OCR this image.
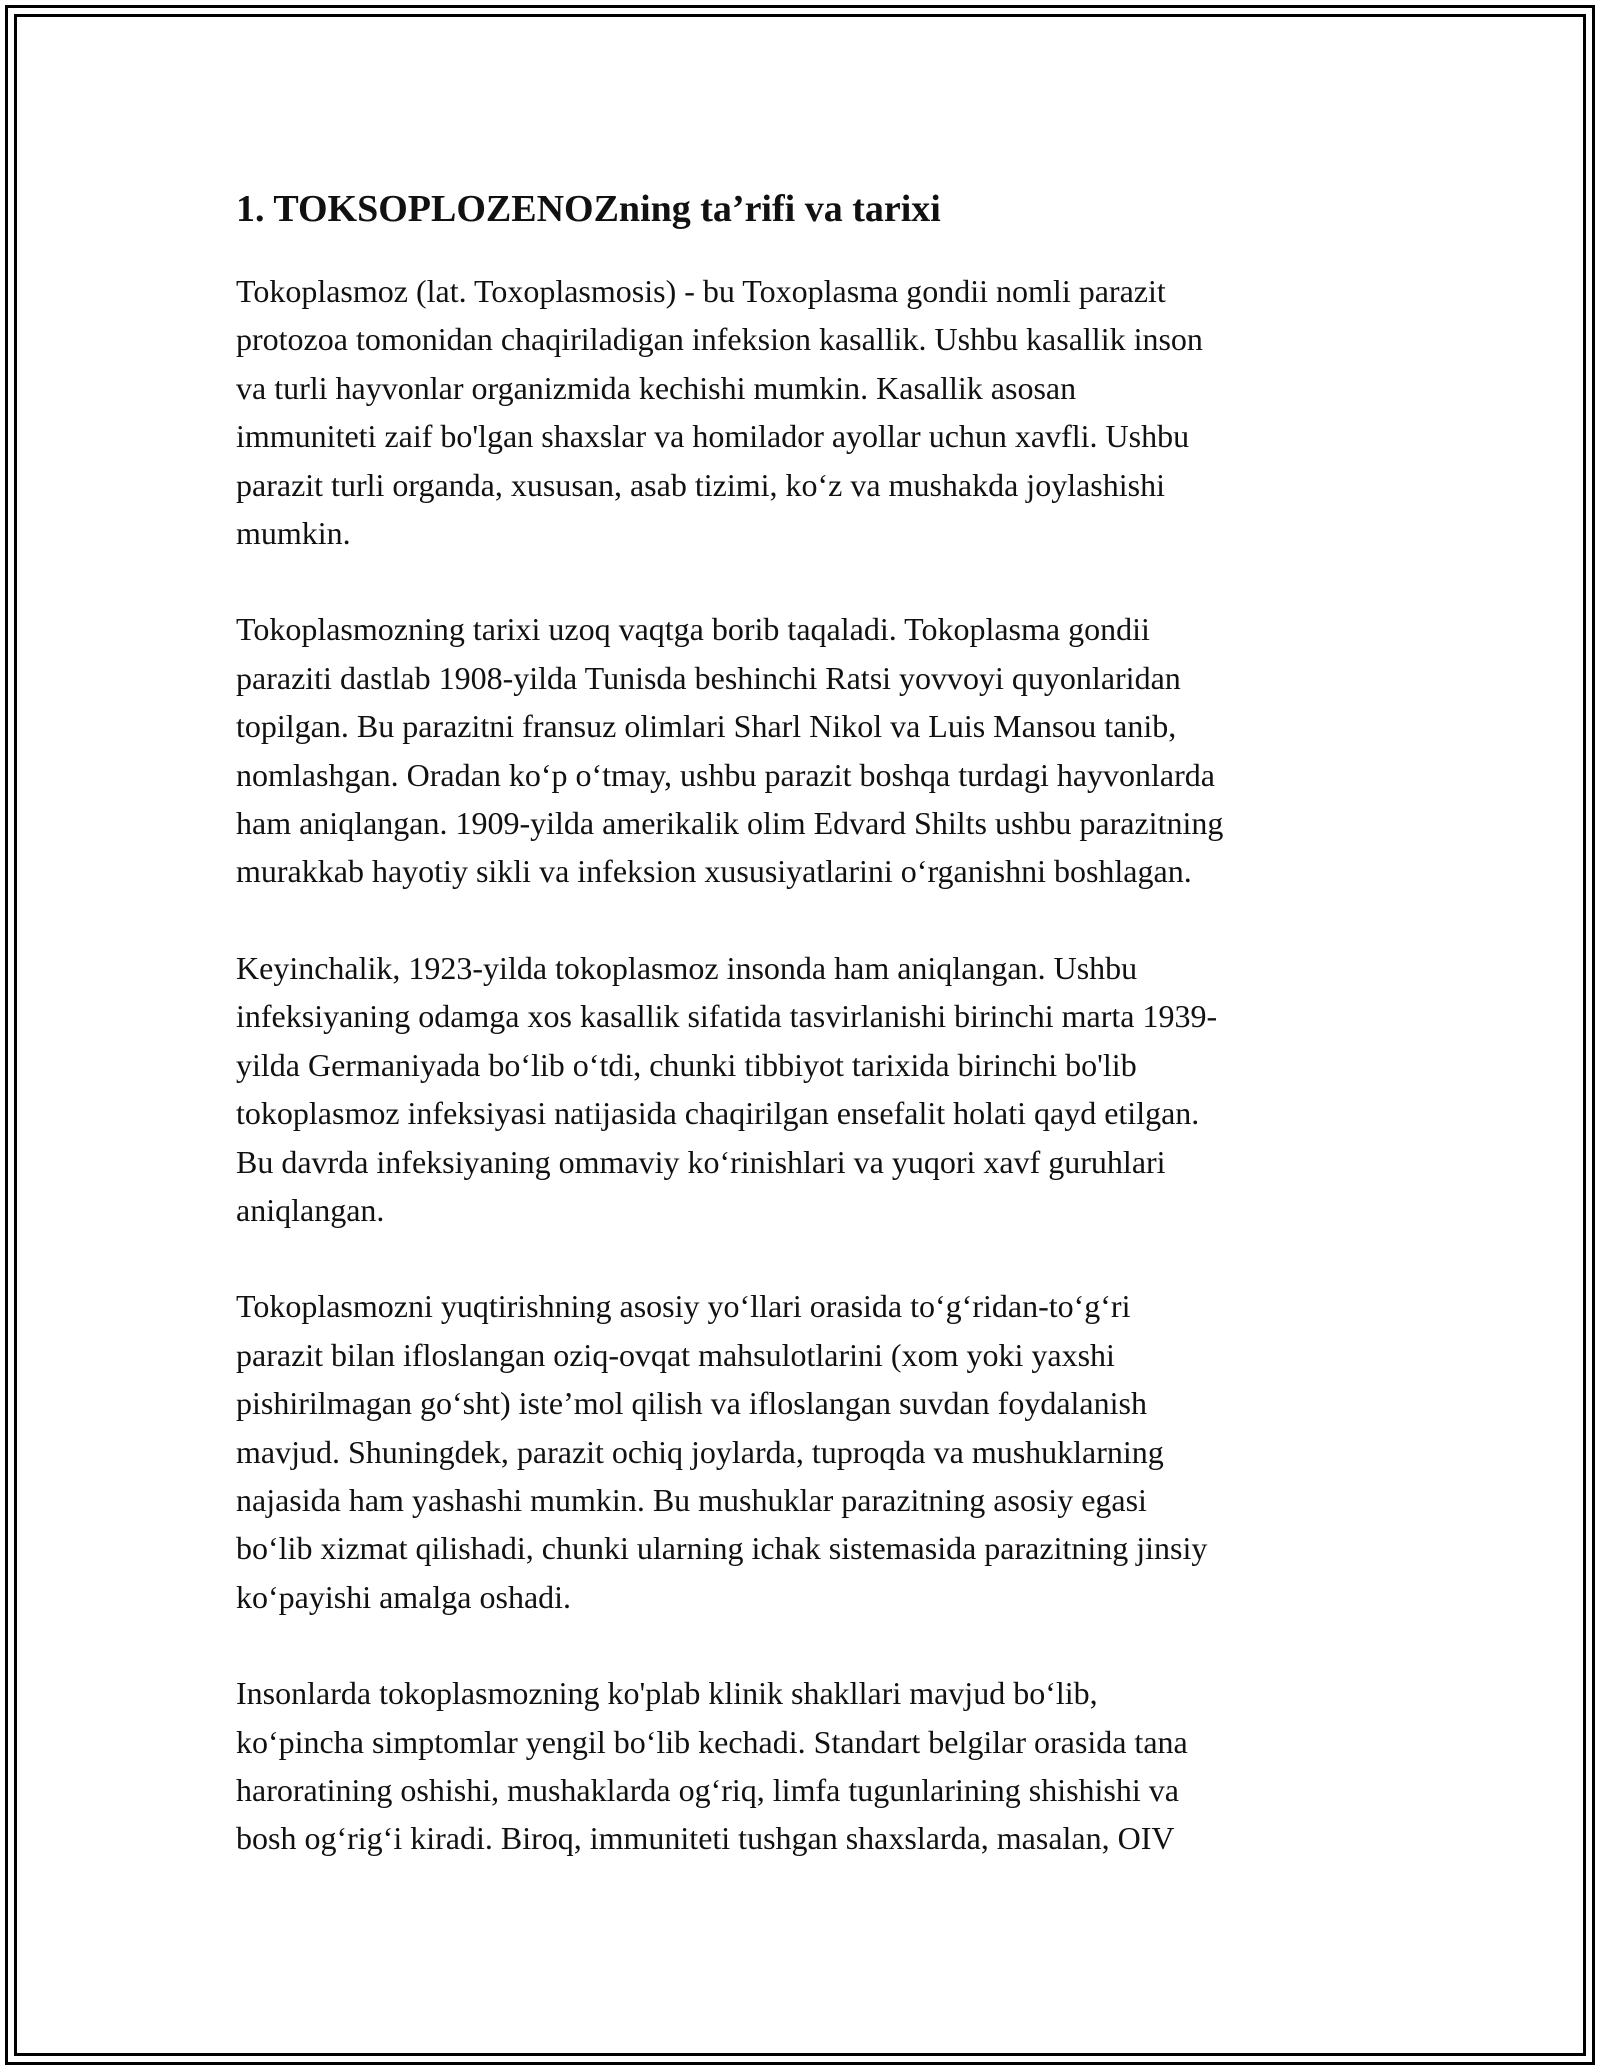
1. TOKSOPLOZENOZning ta’rifi va tarixi
Tokoplasmoz (lat. Toxoplasmosis) - bu Toxoplasma gondii nomli parazit
protozoa tomonidan chaqiriladigan infeksion kasallik. Ushbu kasallik inson
va turli hayvonlar organizmida kechishi mumkin. Kasallik asosan
immuniteti zaif bo'lgan shaxslar va homilador ayollar uchun xavfli. Ushbu
parazit turli organda, xususan, asab tizimi, ko‘z va mushakda joylashishi
mumkin.
Tokoplasmozning tarixi uzoq vaqtga borib taqaladi. Tokoplasma gondii
paraziti dastlab 1908-yilda Tunisda beshinchi Ratsi yovvoyi quyonlaridan
topilgan. Bu parazitni fransuz olimlari Sharl Nikol va Luis Mansou tanib,
nomlashgan. Oradan ko‘p o‘tmay, ushbu parazit boshqa turdagi hayvonlarda
ham aniqlangan. 1909-yilda amerikalik olim Edvard Shilts ushbu parazitning
murakkab hayotiy sikli va infeksion xususiyatlarini o‘rganishni boshlagan.
Keyinchalik, 1923-yilda tokoplasmoz insonda ham aniqlangan. Ushbu
infeksiyaning odamga xos kasallik sifatida tasvirlanishi birinchi marta 1939-
yilda Germaniyada bo‘lib o‘tdi, chunki tibbiyot tarixida birinchi bo'lib
tokoplasmoz infeksiyasi natijasida chaqirilgan ensefalit holati qayd etilgan.
Bu davrda infeksiyaning ommaviy ko‘rinishlari va yuqori xavf guruhlari
aniqlangan.
Tokoplasmozni yuqtirishning asosiy yo‘llari orasida to‘g‘ridan-to‘g‘ri
parazit bilan ifloslangan oziq-ovqat mahsulotlarini (xom yoki yaxshi
pishirilmagan go‘sht) iste’mol qilish va ifloslangan suvdan foydalanish
mavjud. Shuningdek, parazit ochiq joylarda, tuproqda va mushuklarning
najasida ham yashashi mumkin. Bu mushuklar parazitning asosiy egasi
bo‘lib xizmat qilishadi, chunki ularning ichak sistemasida parazitning jinsiy
ko‘payishi amalga oshadi.
Insonlarda tokoplasmozning ko'plab klinik shakllari mavjud bo‘lib,
ko‘pincha simptomlar yengil bo‘lib kechadi. Standart belgilar orasida tana
haroratining oshishi, mushaklarda og‘riq, limfa tugunlarining shishishi va
bosh og‘rig‘i kiradi. Biroq, immuniteti tushgan shaxslarda, masalan, OIV
